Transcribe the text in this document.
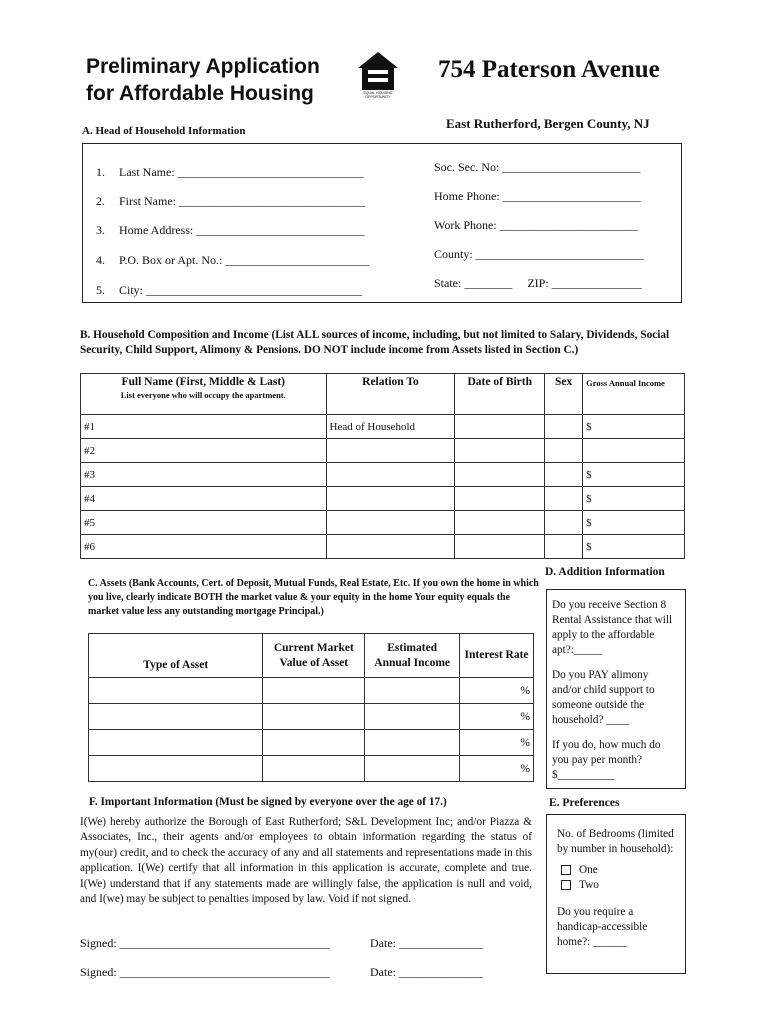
Preliminary Application
for Affordable Housing	EQUAL HOUSING OPPORTUNITY
754 Paterson Avenue
East Rutherford, Bergen County, NJ
A. Head of Household Information
1. Last Name: _______________________________
2. First Name: _______________________________
3. Home Address: ____________________________
4. P.O. Box or Apt. No.: ________________________
5. City: ____________________________________
Soc. Sec. No: _______________________
Home Phone: _______________________
Work Phone: _______________________
County: ____________________________
State: ________     ZIP: _______________
B. Household Composition and Income (List ALL sources of income, including, but not limited to Salary, Dividends, Social Security, Child Support, Alimony & Pensions. DO NOT include income from Assets listed in Section C.)
Full Name (First, Middle & Last)
List everyone who will occupy the apartment.	Relation To	Date of Birth	Sex	Gross Annual Income
#1	Head of Household			$
#2				
#3				$
#4				$
#5				$
#6				$
C. Assets (Bank Accounts, Cert. of Deposit, Mutual Funds, Real Estate, Etc. If you own the home in which you live, clearly indicate BOTH the market value & your equity in the home Your equity equals the market value less any outstanding mortgage Principal.)
Type of Asset	Current Market Value of Asset	Estimated Annual Income	Interest Rate
			%
			%
			%
			%
D. Addition Information

Do you receive Section 8 Rental Assistance that will apply to the affordable apt?:_____

Do you PAY alimony and/or child support to someone outside the household? ____

If you do, how much do you pay per month? $__________

E. Preferences

No. of Bedrooms (limited by number in household):

One
Two

Do you require a handicap-accessible home?: ______

F. Important Information (Must be signed by everyone over the age of 17.)
I(We) hereby authorize the Borough of East Rutherford; S&L Development Inc; and/or Piazza & Associates, Inc., their agents and/or employees to obtain information regarding the status of my(our) credit, and to check the accuracy of any and all statements and representations made in this application. I(We) certify that all information in this application is accurate, complete and true. I(We) understand that if any statements made are willingly false, the application is null and void, and I(we) may be subject to penalties imposed by law. Void if not signed.
Signed: ___________________________________	Date: ______________
Signed: ___________________________________	Date: ______________
